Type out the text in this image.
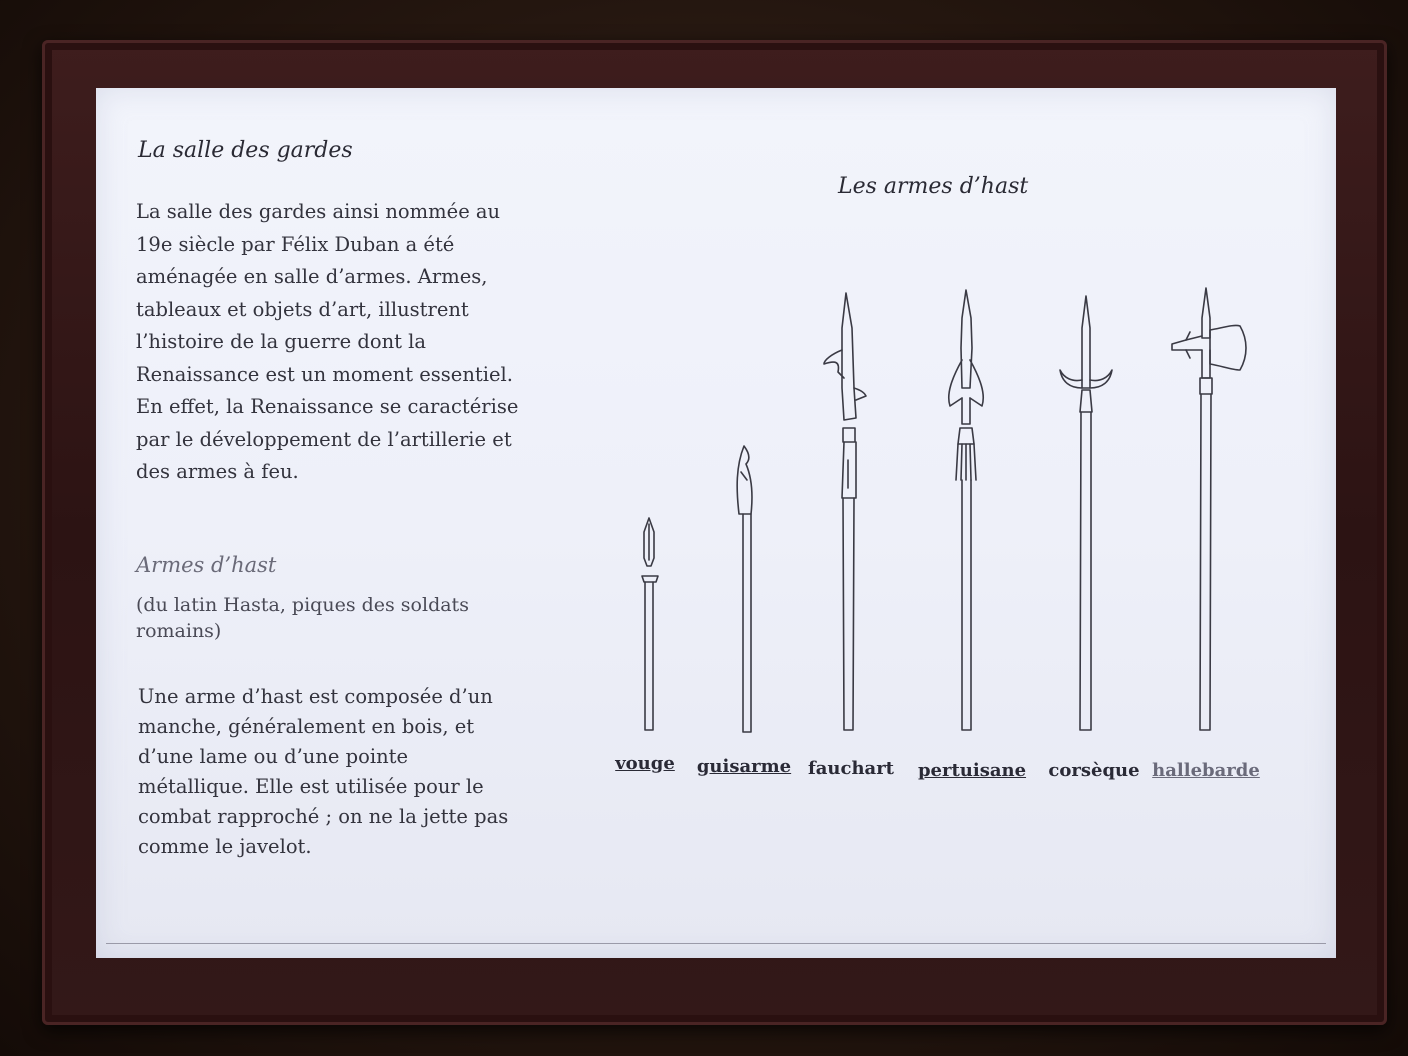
La salle des gardes
La salle des gardes ainsi nommée au
19e siècle par Félix Duban a été
aménagée en salle d’armes. Armes,
tableaux et objets d’art, illustrent
l’histoire de la guerre dont la
Renaissance est un moment essentiel.
En effet, la Renaissance se caractérise
par le développement de l’artillerie et
des armes à feu.
Armes d’hast
(du latin Hasta, piques des soldats
romains)
Une arme d’hast est composée d’un
manche, généralement en bois, et
d’une lame ou d’une pointe
métallique. Elle est utilisée pour le
combat rapproché ; on ne la jette pas
comme le javelot.
Les armes d’hast
vouge	guisarme fauchart	pertuisane	corsèque hallebarde
